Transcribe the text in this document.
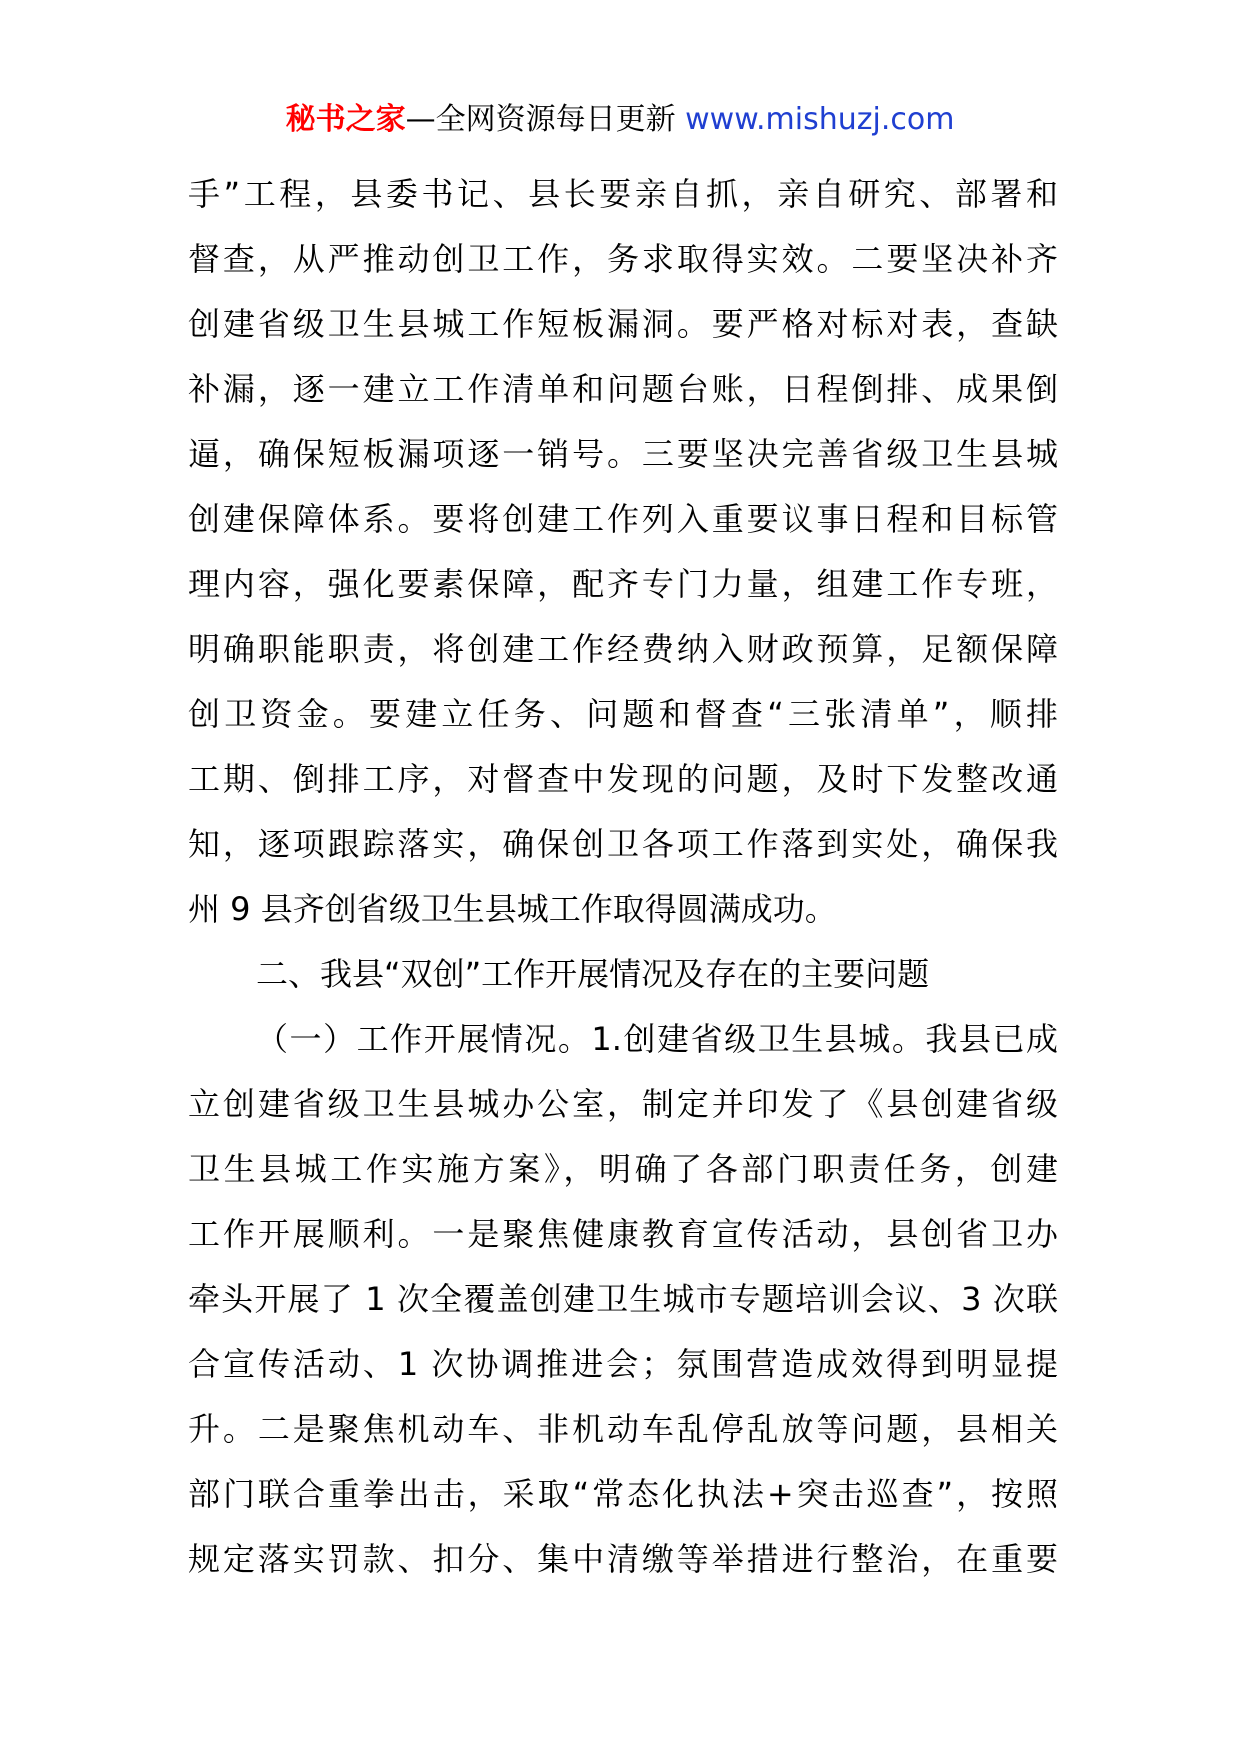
秘书之家—全网资源每日更新 www.mishuzj.com
手”工程，县委书记、县长要亲自抓，亲自研究、部署和
督查，从严推动创卫工作，务求取得实效。二要坚决补齐
创建省级卫生县城工作短板漏洞。要严格对标对表，查缺
补漏，逐一建立工作清单和问题台账，日程倒排、成果倒
逼，确保短板漏项逐一销号。三要坚决完善省级卫生县城
创建保障体系。要将创建工作列入重要议事日程和目标管
理内容，强化要素保障，配齐专门力量，组建工作专班，
明确职能职责，将创建工作经费纳入财政预算，足额保障
创卫资金。要建立任务、问题和督查“三张清单”，顺排
工期、倒排工序，对督查中发现的问题，及时下发整改通
知，逐项跟踪落实，确保创卫各项工作落到实处，确保我
州 9 县齐创省级卫生县城工作取得圆满成功。
二、我县“双创”工作开展情况及存在的主要问题
（一）工作开展情况。1.创建省级卫生县城。我县已成
立创建省级卫生县城办公室，制定并印发了《县创建省级
卫生县城工作实施方案》，明确了各部门职责任务，创建
工作开展顺利。一是聚焦健康教育宣传活动，县创省卫办
牵头开展了 1 次全覆盖创建卫生城市专题培训会议、3 次联
合宣传活动、1 次协调推进会；氛围营造成效得到明显提
升。二是聚焦机动车、非机动车乱停乱放等问题，县相关
部门联合重拳出击，采取“常态化执法+突击巡查”，按照
规定落实罚款、扣分、集中清缴等举措进行整治，在重要
